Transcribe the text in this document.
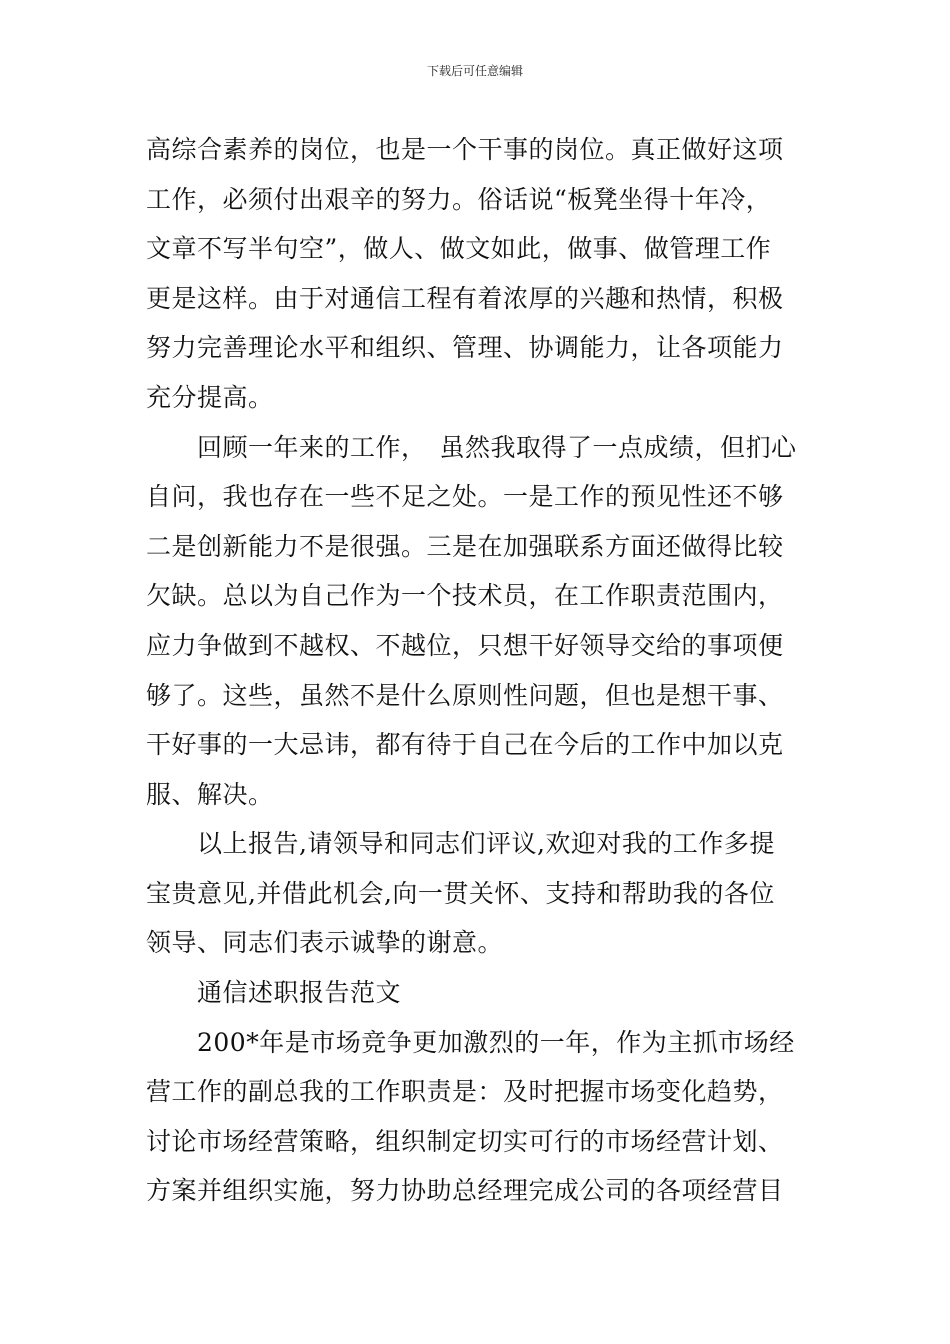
下载后可任意编辑
高综合素养的岗位，也是一个干事的岗位。真正做好这项
工作，必须付出艰辛的努力。俗话说“板凳坐得十年冷，
文章不写半句空”，做人、做文如此，做事、做管理工作
更是这样。由于对通信工程有着浓厚的兴趣和热情，积极
努力完善理论水平和组织、管理、协调能力，让各项能力
充分提高。
　　回顾一年来的工作，　虽然我取得了一点成绩，但扪心
自问，我也存在一些不足之处。一是工作的预见性还不够
二是创新能力不是很强。三是在加强联系方面还做得比较
欠缺。总以为自己作为一个技术员，在工作职责范围内，
应力争做到不越权、不越位，只想干好领导交给的事项便
够了。这些，虽然不是什么原则性问题，但也是想干事、
干好事的一大忌讳，都有待于自己在今后的工作中加以克
服、解决。
　　以上报告,请领导和同志们评议,欢迎对我的工作多提
宝贵意见,并借此机会,向一贯关怀、支持和帮助我的各位
领导、同志们表示诚挚的谢意。
　　通信述职报告范文
　　200*年是市场竞争更加激烈的一年，作为主抓市场经
营工作的副总我的工作职责是：及时把握市场变化趋势，
讨论市场经营策略，组织制定切实可行的市场经营计划、
方案并组织实施，努力协助总经理完成公司的各项经营目
